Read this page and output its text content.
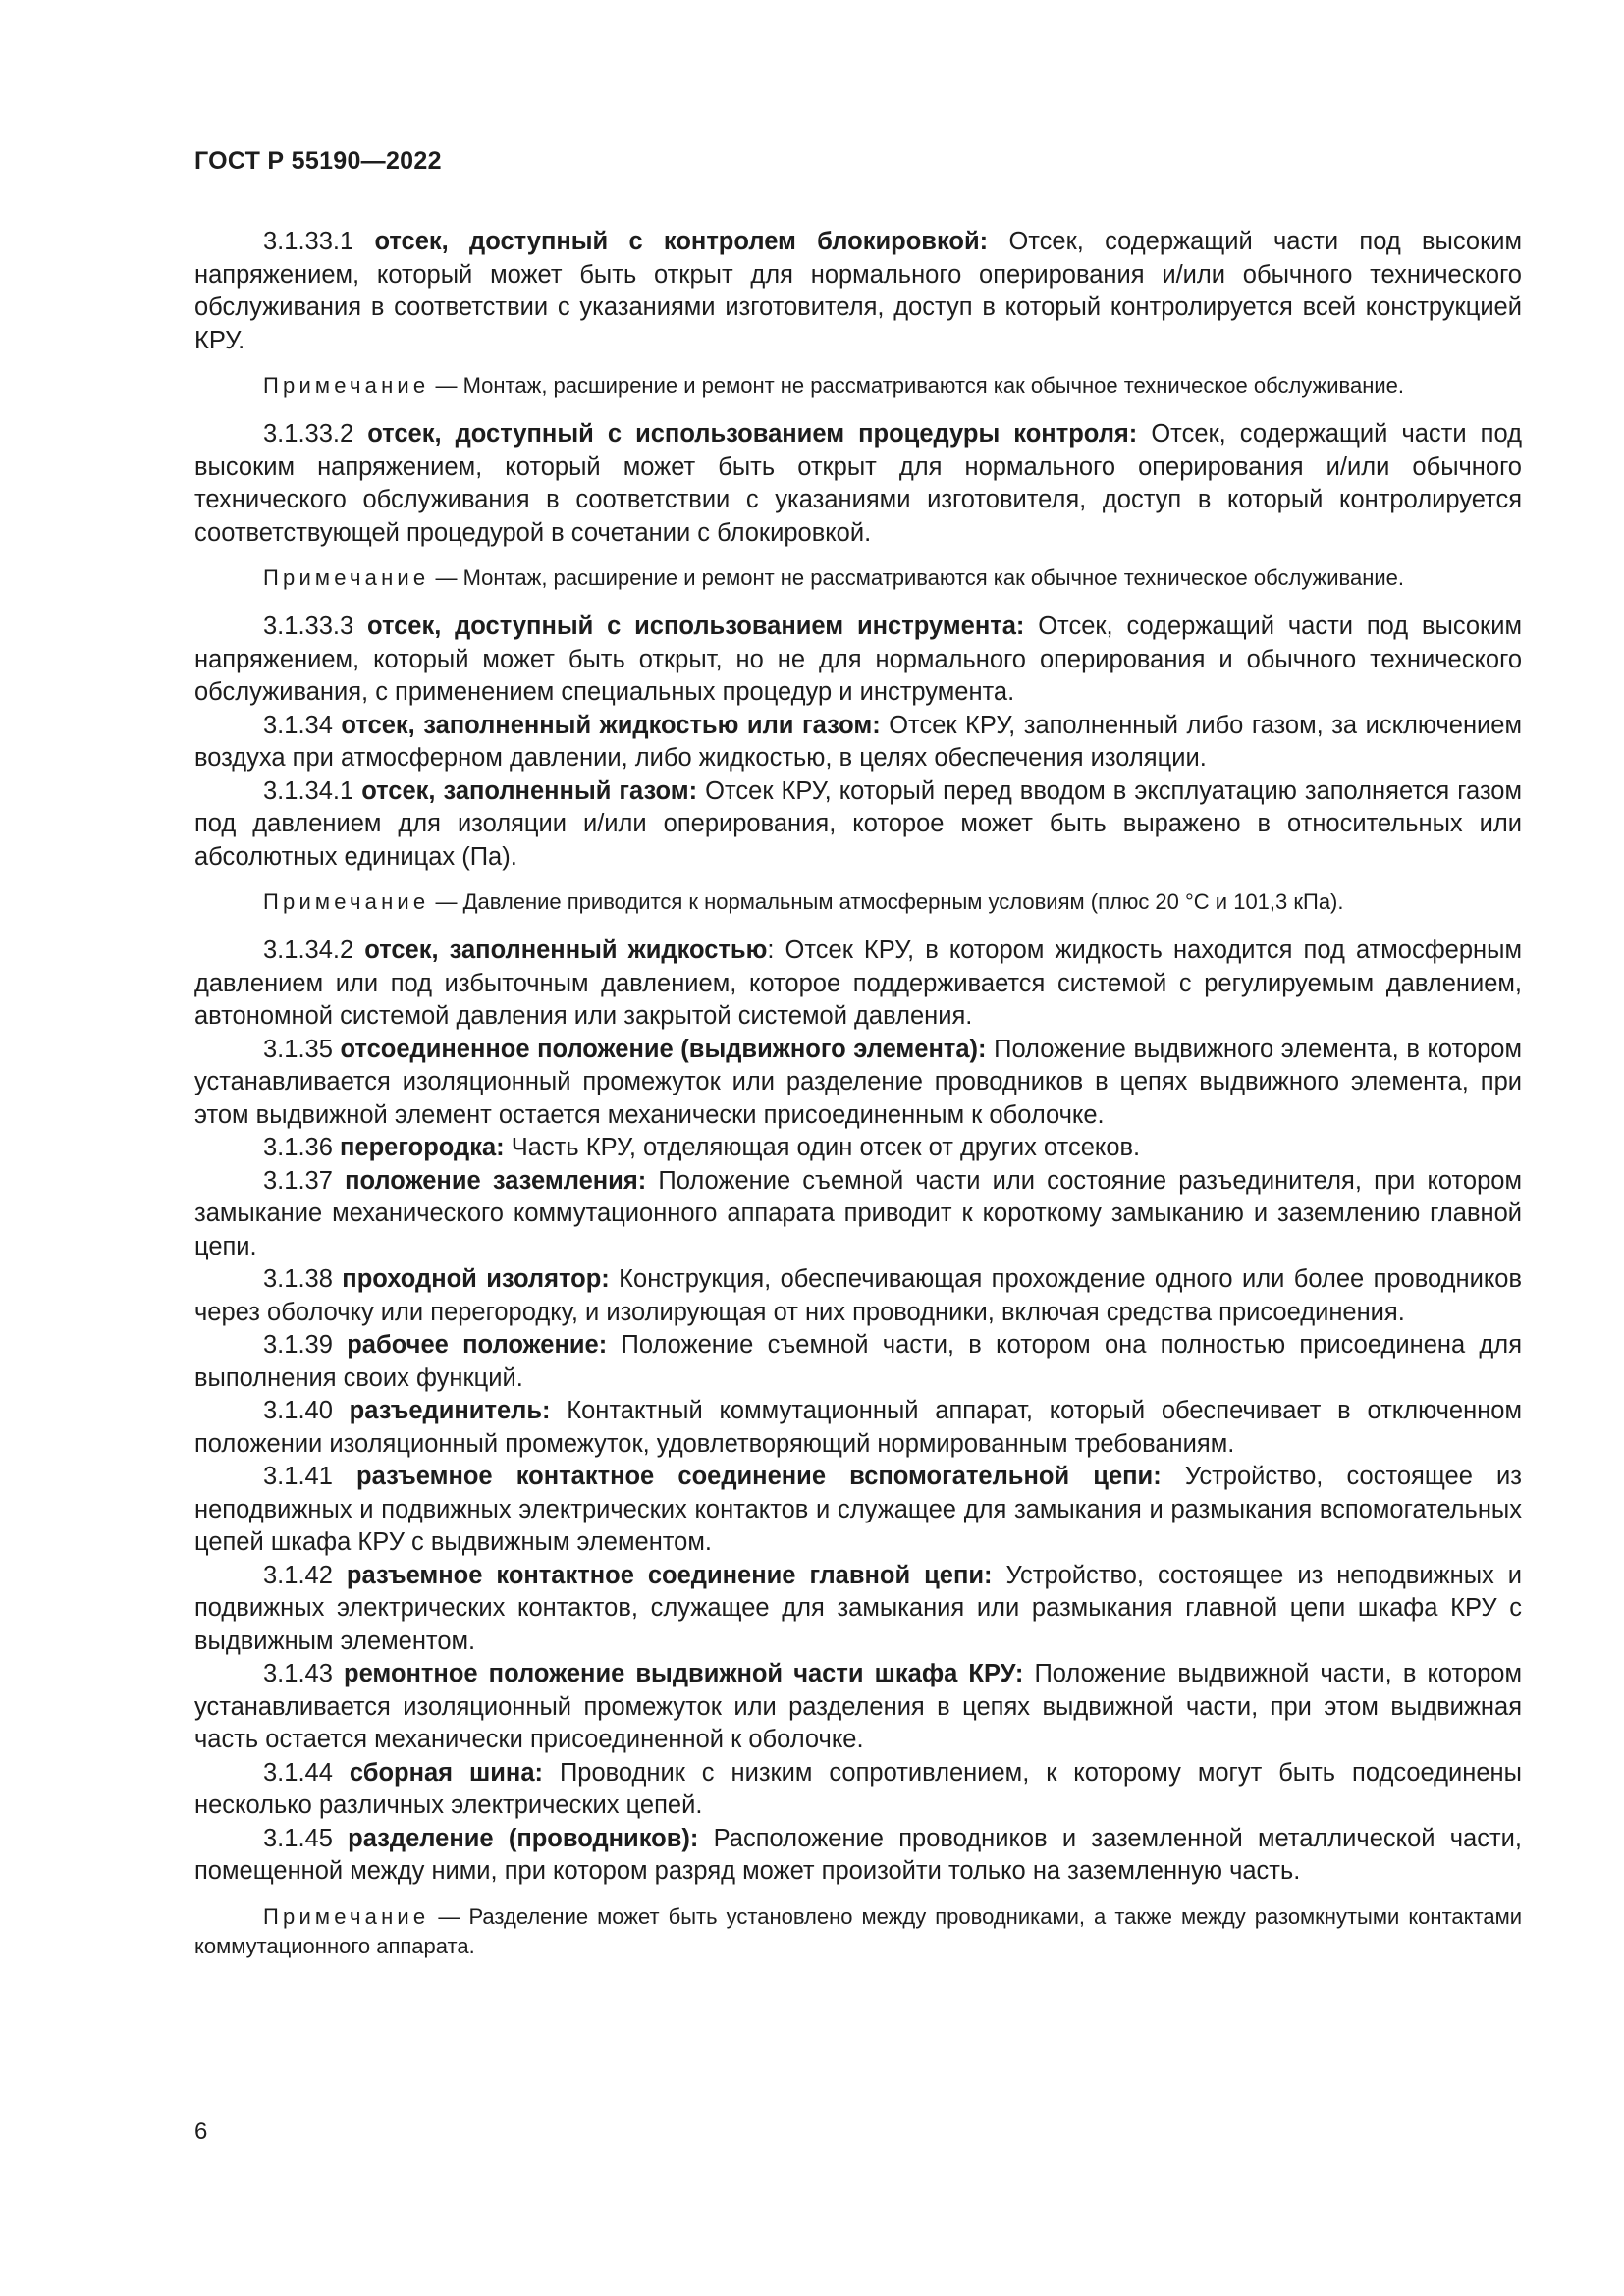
ГОСТ Р 55190—2022

3.1.33.1 отсек, доступный с контролем блокировкой: Отсек, содержащий части под высоким напряжением, который может быть открыт для нормального оперирования и/или обычного технического обслуживания в соответствии с указаниями изготовителя, доступ в который контролируется всей конструкцией КРУ.

Примечание — Монтаж, расширение и ремонт не рассматриваются как обычное техническое обслуживание.

3.1.33.2 отсек, доступный с использованием процедуры контроля: Отсек, содержащий части под высоким напряжением, который может быть открыт для нормального оперирования и/или обычного технического обслуживания в соответствии с указаниями изготовителя, доступ в который контролируется соответствующей процедурой в сочетании с блокировкой.

Примечание — Монтаж, расширение и ремонт не рассматриваются как обычное техническое обслуживание.

3.1.33.3 отсек, доступный с использованием инструмента: Отсек, содержащий части под высоким напряжением, который может быть открыт, но не для нормального оперирования и обычного технического обслуживания, с применением специальных процедур и инструмента.

3.1.34 отсек, заполненный жидкостью или газом: Отсек КРУ, заполненный либо газом, за исключением воздуха при атмосферном давлении, либо жидкостью, в целях обеспечения изоляции.

3.1.34.1 отсек, заполненный газом: Отсек КРУ, который перед вводом в эксплуатацию заполняется газом под давлением для изоляции и/или оперирования, которое может быть выражено в относительных или абсолютных единицах (Па).

Примечание — Давление приводится к нормальным атмосферным условиям (плюс 20 °С и 101,3 кПа).

3.1.34.2 отсек, заполненный жидкостью: Отсек КРУ, в котором жидкость находится под атмосферным давлением или под избыточным давлением, которое поддерживается системой с регулируемым давлением, автономной системой давления или закрытой системой давления.

3.1.35 отсоединенное положение (выдвижного элемента): Положение выдвижного элемента, в котором устанавливается изоляционный промежуток или разделение проводников в цепях выдвижного элемента, при этом выдвижной элемент остается механически присоединенным к оболочке.

3.1.36 перегородка: Часть КРУ, отделяющая один отсек от других отсеков.

3.1.37 положение заземления: Положение съемной части или состояние разъединителя, при котором замыкание механического коммутационного аппарата приводит к короткому замыканию и заземлению главной цепи.

3.1.38 проходной изолятор: Конструкция, обеспечивающая прохождение одного или более проводников через оболочку или перегородку, и изолирующая от них проводники, включая средства присоединения.

3.1.39 рабочее положение: Положение съемной части, в котором она полностью присоединена для выполнения своих функций.

3.1.40 разъединитель: Контактный коммутационный аппарат, который обеспечивает в отключенном положении изоляционный промежуток, удовлетворяющий нормированным требованиям.

3.1.41 разъемное контактное соединение вспомогательной цепи: Устройство, состоящее из неподвижных и подвижных электрических контактов и служащее для замыкания и размыкания вспомогательных цепей шкафа КРУ с выдвижным элементом.

3.1.42 разъемное контактное соединение главной цепи: Устройство, состоящее из неподвижных и подвижных электрических контактов, служащее для замыкания или размыкания главной цепи шкафа КРУ с выдвижным элементом.

3.1.43 ремонтное положение выдвижной части шкафа КРУ: Положение выдвижной части, в котором устанавливается изоляционный промежуток или разделения в цепях выдвижной части, при этом выдвижная часть остается механически присоединенной к оболочке.

3.1.44 сборная шина: Проводник с низким сопротивлением, к которому могут быть подсоединены несколько различных электрических цепей.

3.1.45 разделение (проводников): Расположение проводников и заземленной металлической части, помещенной между ними, при котором разряд может произойти только на заземленную часть.

Примечание — Разделение может быть установлено между проводниками, а также между разомкнутыми контактами коммутационного аппарата.

6
